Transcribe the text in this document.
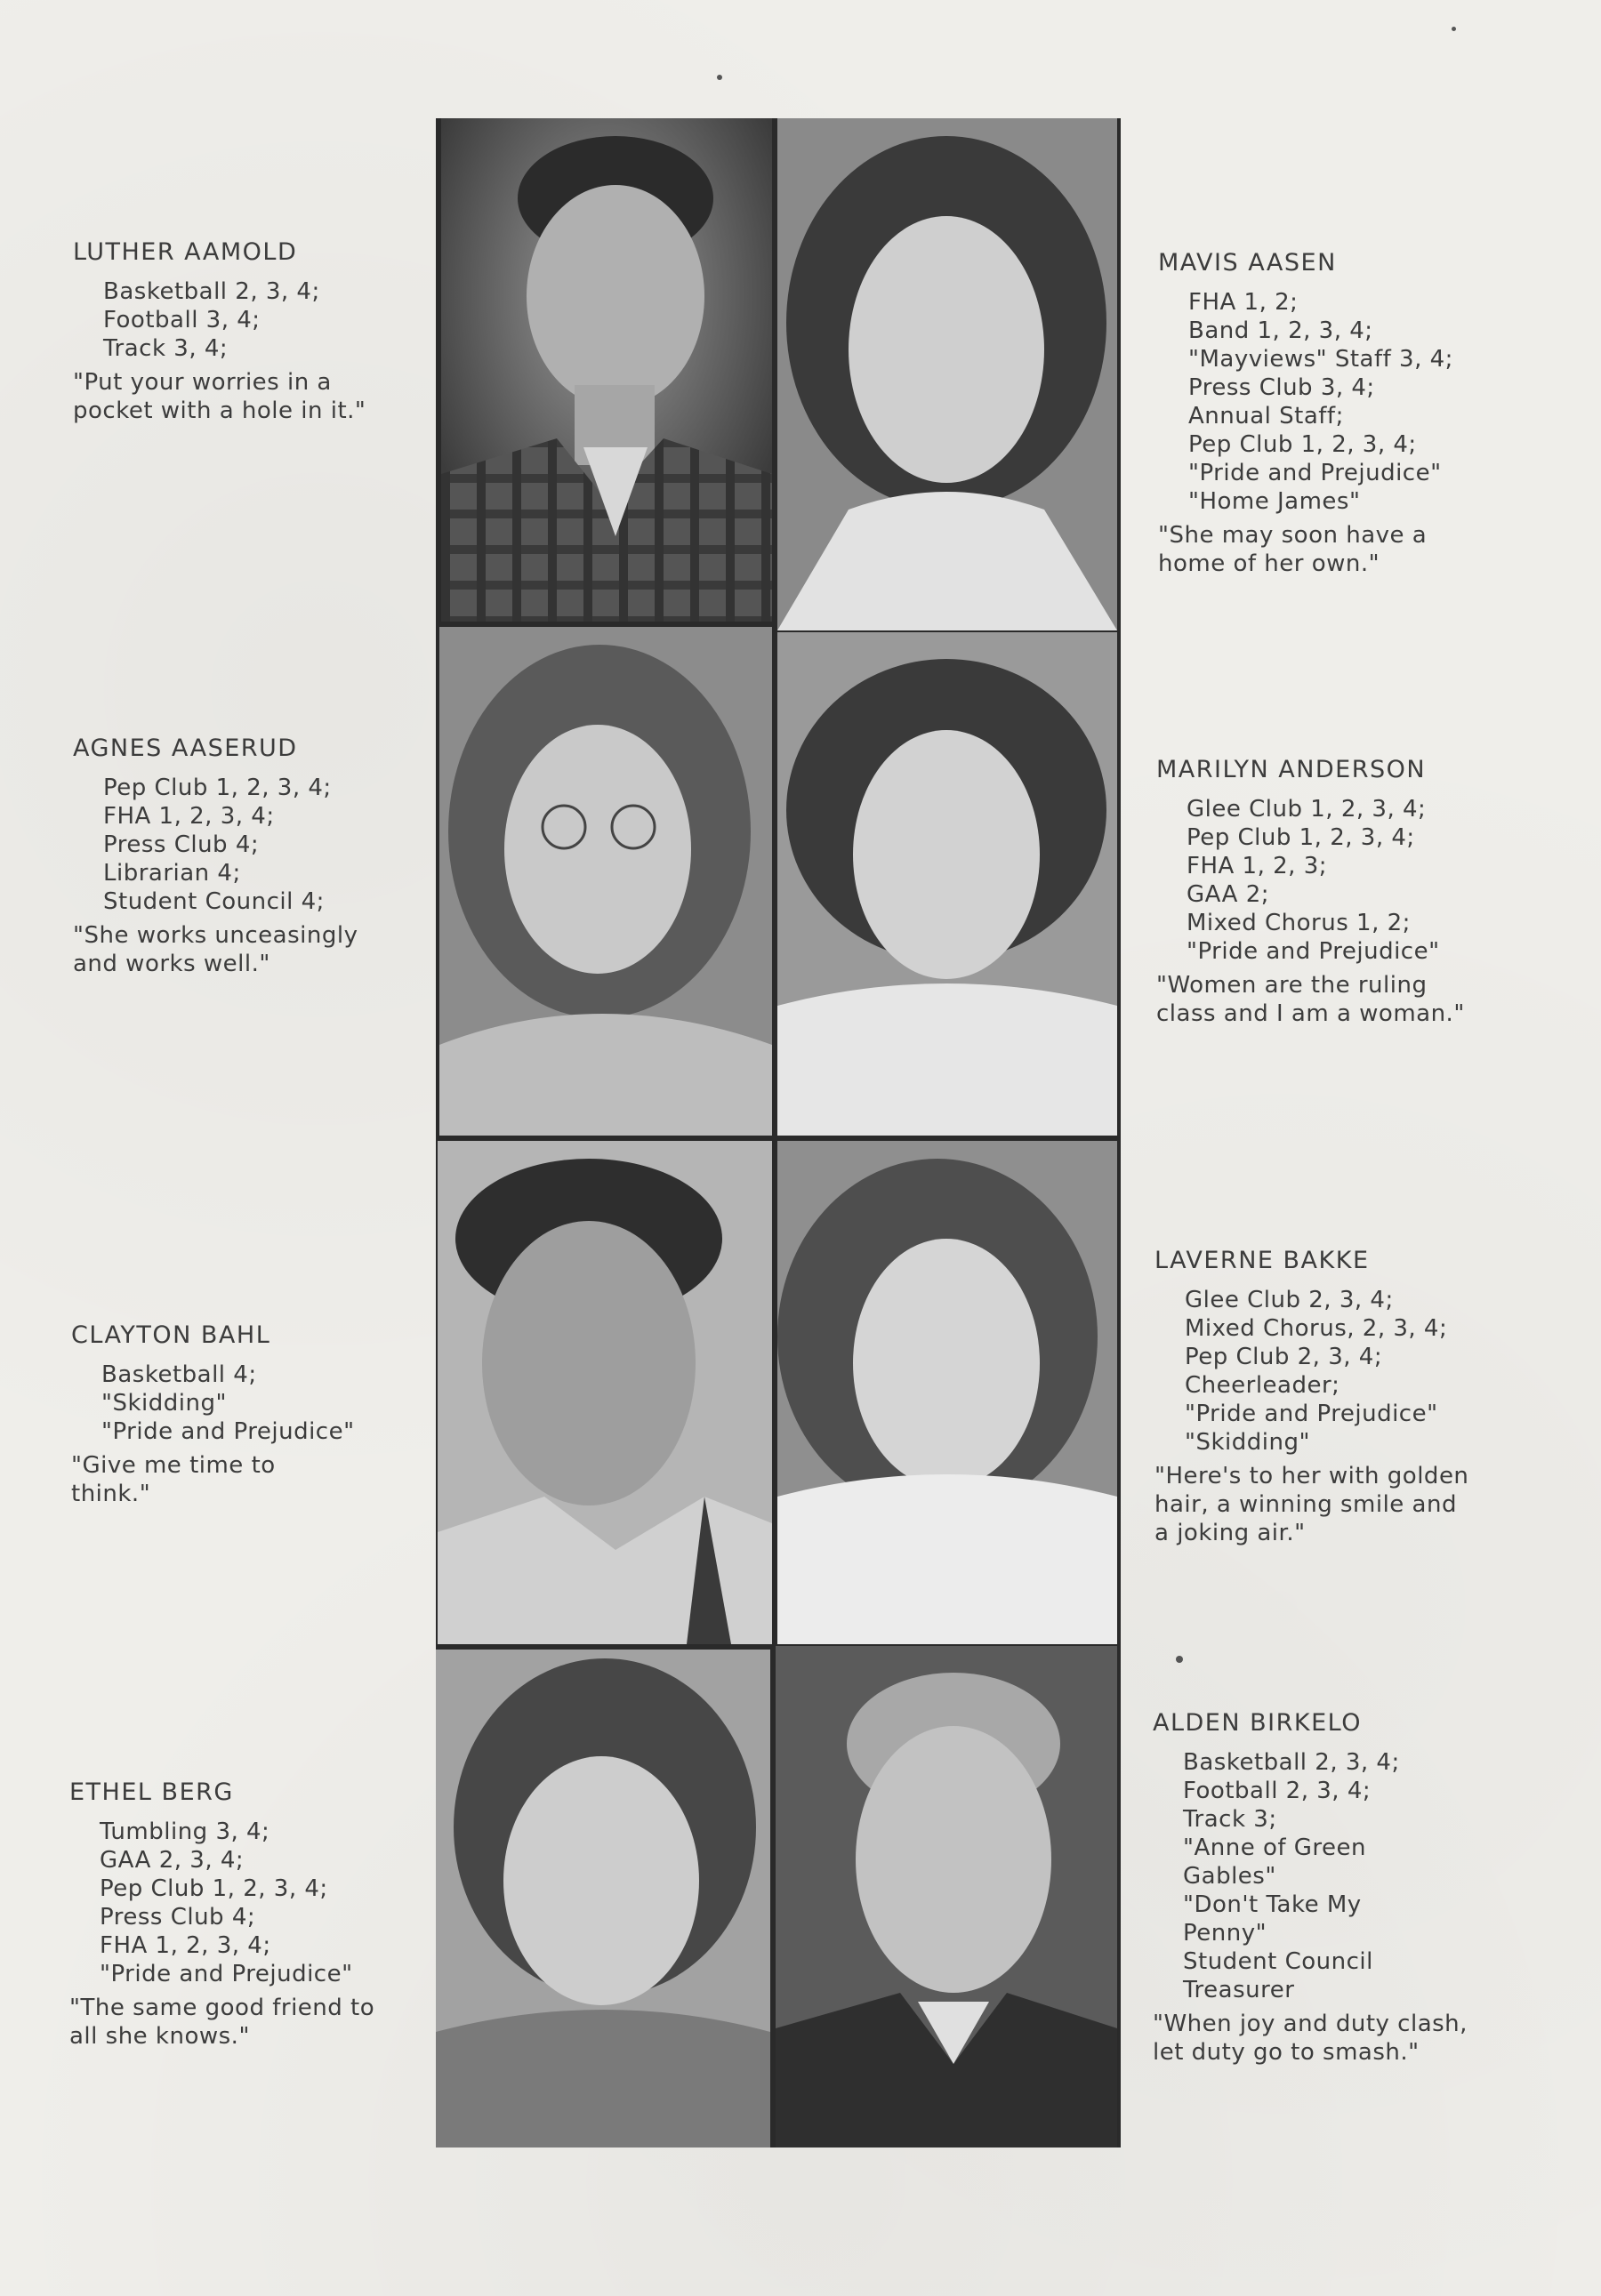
LUTHER AAMOLD
Basketball 2, 3, 4;
Football 3, 4;
Track 3, 4;
"Put your worries in a pocket with a hole in it."
AGNES AASERUD
Pep Club 1, 2, 3, 4;
FHA 1, 2, 3, 4;
Press Club 4;
Librarian 4;
Student Council 4;
"She works unceasingly and works well."
CLAYTON BAHL
Basketball 4;
"Skidding"
"Pride and Prejudice"
"Give me time to think."
ETHEL BERG
Tumbling 3, 4;
GAA 2, 3, 4;
Pep Club 1, 2, 3, 4;
Press Club 4;
FHA 1, 2, 3, 4;
"Pride and Prejudice"
"The same good friend to all she knows."
MAVIS AASEN
FHA 1, 2;
Band 1, 2, 3, 4;
"Mayviews" Staff 3, 4;
Press Club 3, 4;
Annual Staff;
Pep Club 1, 2, 3, 4;
"Pride and Prejudice"
"Home James"
"She may soon have a home of her own."
MARILYN ANDERSON
Glee Club 1, 2, 3, 4;
Pep Club 1, 2, 3, 4;
FHA 1, 2, 3;
GAA 2;
Mixed Chorus 1, 2;
"Pride and Prejudice"
"Women are the ruling class and I am a woman."
LAVERNE BAKKE
Glee Club 2, 3, 4;
Mixed Chorus, 2, 3, 4;
Pep Club 2, 3, 4;
Cheerleader;
"Pride and Prejudice"
"Skidding"
"Here's to her with golden hair, a winning smile and a joking air."
ALDEN BIRKELO
Basketball 2, 3, 4;
Football 2, 3, 4;
Track 3;
"Anne of Green Gables"
"Don't Take My Penny"
Student Council Treasurer
"When joy and duty clash, let duty go to smash."
